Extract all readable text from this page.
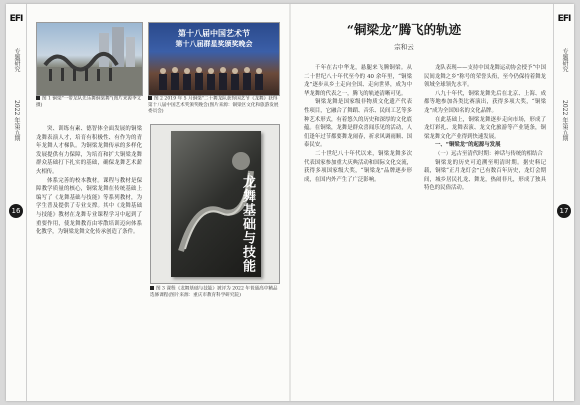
EFI
专题研究
2022 年第五期
16
图 1 铜梁"一带龙队先乐舞铜梁舞"(图片来源李文摄)
第十八届中国艺术节
第十八届群星奖颁奖晚会
图 2 2019 年 5 月铜梁"二十舞龙队获得国艺节《龙舞》获得第十八届中国艺术奖颁奖晚会(图片来源：铜梁区文化和旅游发展委员会)

突、训练有素、德智体全面发展的铜梁龙舞表演人才，培育有积极性、有作为的青年龙舞人才梯队。为铜梁龙舞传承的多样化发展提供有力保障，为培育和扩大铜梁龙舞群众基础打下扎实的基础，确保龙舞艺术薪火相传。

体系完善的校本教材。课程与教材是保障教学质量的核心，铜梁龙舞在传统基础上编写了《龙舞基础与技能》等系列教材，为学生普及提供了专业支撑。其中《龙舞基础与技能》教材在龙舞专业课程学习中起到了重要作用，使龙舞教育由零散培训迈向体系化教学，为铜梁龙舞文化传承创造了条件。	龙舞基础与技能
图 3 课程《龙舞基础与技能》被评为 2022 年普通高中精品选修课程(图片来源：重庆市教育科学研究院)
“铜梁龙”腾飞的轨迹
宗和云

千年在古中华龙，悬腿来飞腾铜梁。从二十世纪八十年代至今的 40 余年里，“铜梁龙”逐步从乡土走向全国、走向世界，成为中华龙舞的代表之一，腾飞的轨迹清晰可见。

铜梁龙舞是国家级非物质文化遗产代表性项目，它融合了舞蹈、音乐、民间工艺等多种艺术形式，有着悠久的历史和深厚的文化底蕴。在铜梁，龙舞是群众喜闻乐见的活动，人们逢年过节都要舞龙闹春，祈求风调雨顺、国泰民安。

二十世纪八十年代以来，铜梁龙舞多次代表国家参加重大庆典活动和国际文化交流，获得多项国家级大奖，“铜梁龙”品牌逐步形成，在国内外产生了广泛影响。

龙队表现——支持中国龙舞运动协会授予“中国民间龙舞之乡”称号的荣誉头衔，至今仍保持着舞龙领域全球领先水平。

八九十年代，铜梁龙舞先后在北京、上海、成都等地参加各类比赛演出，获得多项大奖，“铜梁龙”成为全国知名的文化品牌。

在此基础上，铜梁龙舞逐步走向市场，形成了龙灯彩扎、龙舞表演、龙文化旅游等产业链条，铜梁龙舞文化产业得到快速发展。

一、“铜梁龙”的起源与发展

（一）远古至清代时期：神话与传统的相结合

铜梁龙的历史可追溯至明清时期。据史料记载，铜梁“正月龙灯会”已有数百年历史，龙灯会期间，城乡居民扎龙、舞龙，热闹非凡，形成了独具特色的民俗活动。

EFI
专题研究
2022 年第五期
17
